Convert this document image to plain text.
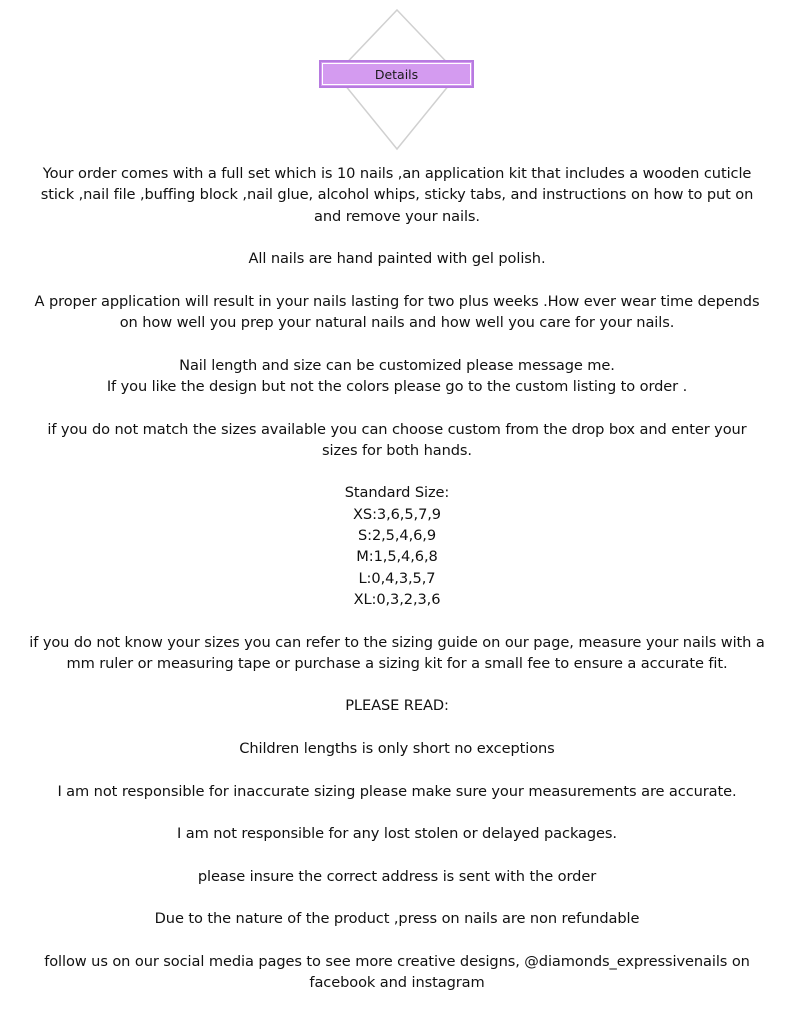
Details
Your order comes with a full set which is 10 nails ,an application kit that includes a wooden cuticle
stick ,nail file ,buffing block ,nail glue, alcohol whips, sticky tabs, and instructions on how to put on
and remove your nails.
All nails are hand painted with gel polish.
A proper application will result in your nails lasting for two plus weeks .How ever wear time depends
on how well you prep your natural nails and how well you care for your nails.
Nail length and size can be customized please message me.
If you like the design but not the colors please go to the custom listing to order .
if you do not match the sizes available you can choose custom from the drop box and enter your
sizes for both hands.
Standard Size:
XS:3,6,5,7,9
S:2,5,4,6,9
M:1,5,4,6,8
L:0,4,3,5,7
XL:0,3,2,3,6
if you do not know your sizes you can refer to the sizing guide on our page, measure your nails with a
mm ruler or measuring tape or purchase a sizing kit for a small fee to ensure a accurate fit.
PLEASE READ:
Children lengths is only short no exceptions
I am not responsible for inaccurate sizing please make sure your measurements are accurate.
I am not responsible for any lost stolen or delayed packages.
please insure the correct address is sent with the order
Due to the nature of the product ,press on nails are non refundable
follow us on our social media pages to see more creative designs, @diamonds_expressivenails on
facebook and instagram
